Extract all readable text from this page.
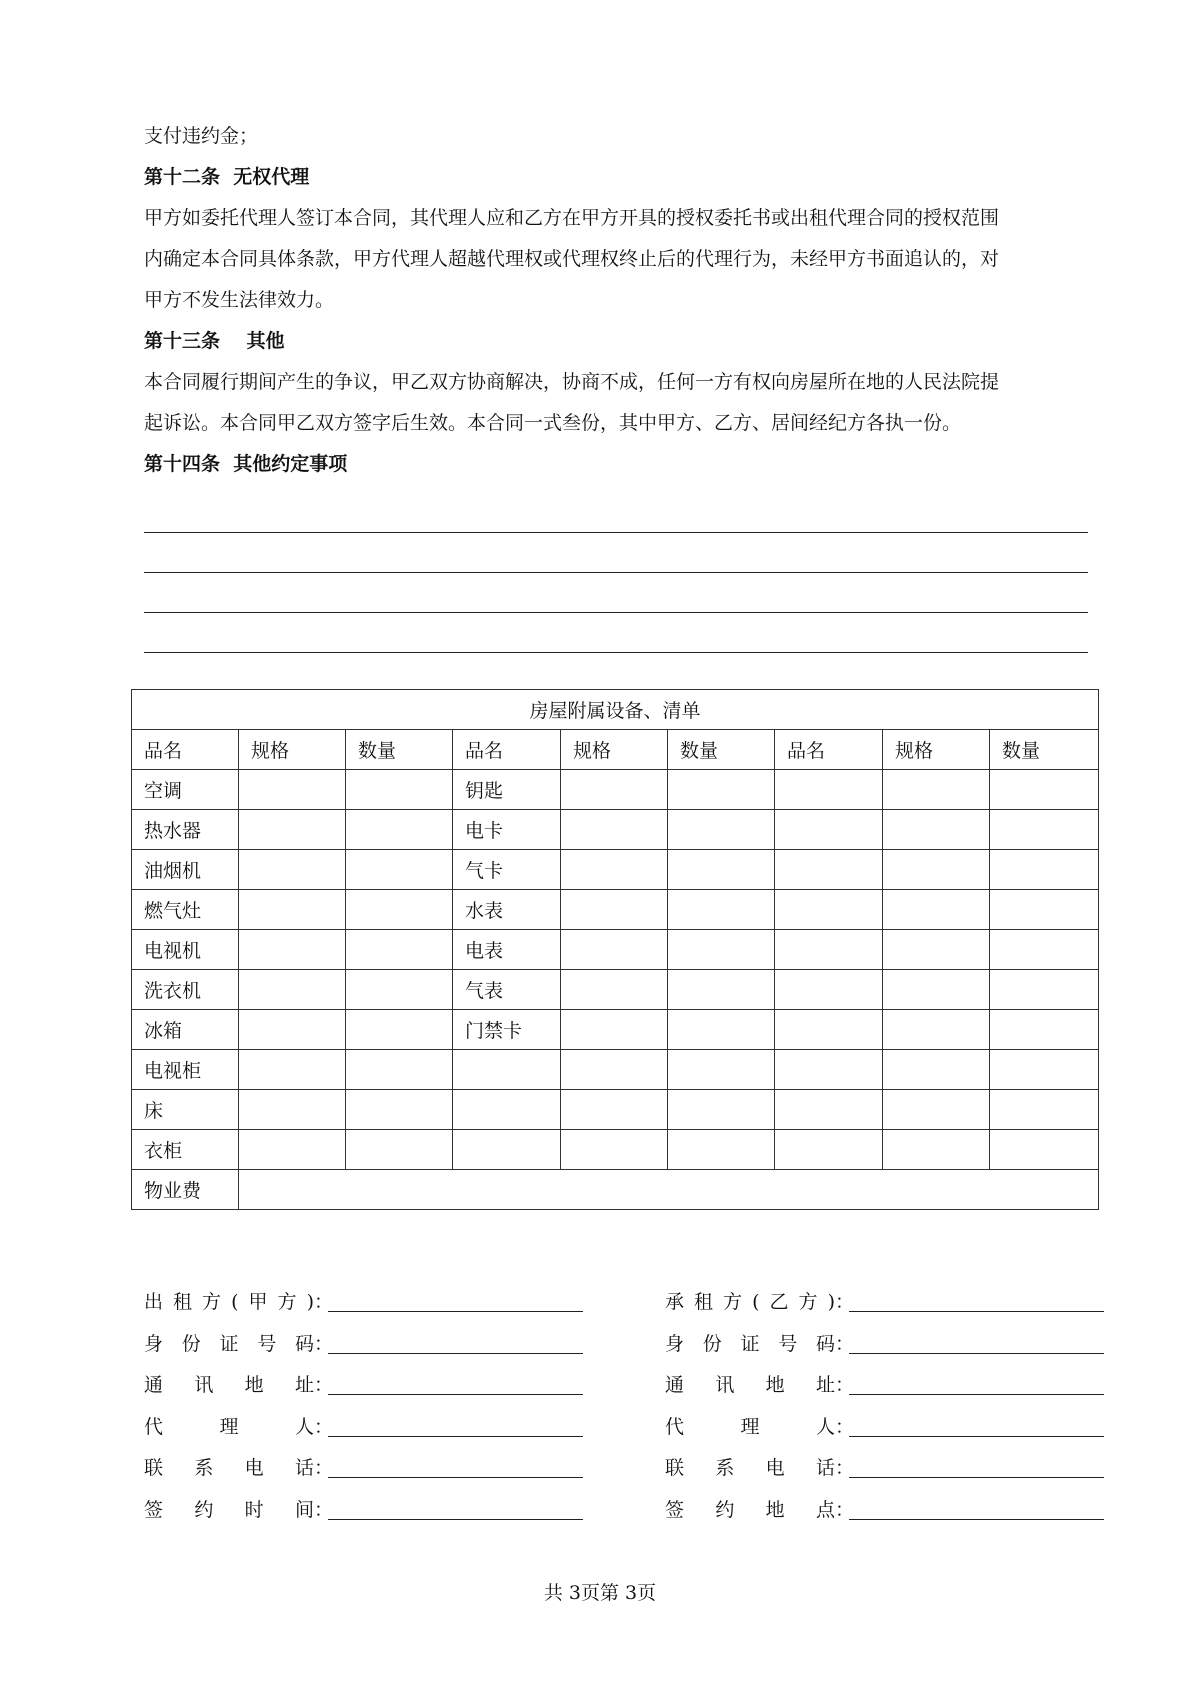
支付违约金；
第十二条  无权代理
甲方如委托代理人签订本合同，其代理人应和乙方在甲方开具的授权委托书或出租代理合同的授权范围
内确定本合同具体条款，甲方代理人超越代理权或代理权终止后的代理行为，未经甲方书面追认的，对
甲方不发生法律效力。
第十三条    其他
本合同履行期间产生的争议，甲乙双方协商解决，协商不成，任何一方有权向房屋所在地的人民法院提
起诉讼。本合同甲乙双方签字后生效。本合同一式叁份，其中甲方、乙方、居间经纪方各执一份。
第十四条  其他约定事项
房屋附属设备、清单								
品名	规格	数量	品名	规格	数量	品名	规格	数量
空调			钥匙					
热水器			电卡					
油烟机			气卡					
燃气灶			水表					
电视机			电表					
洗衣机			气表					
冰箱			门禁卡					
电视柜								
床								
衣柜								
物业费								
出租方(甲方) ：
身份证号码 ：
通讯地址 ：
代理人 ：
联系电话 ：
签约时间 ：
承租方(乙方) ：
身份证号码 ：
通讯地址 ：
代理人 ：
联系电话 ：
签约地点 ：
共 3页第 3页
